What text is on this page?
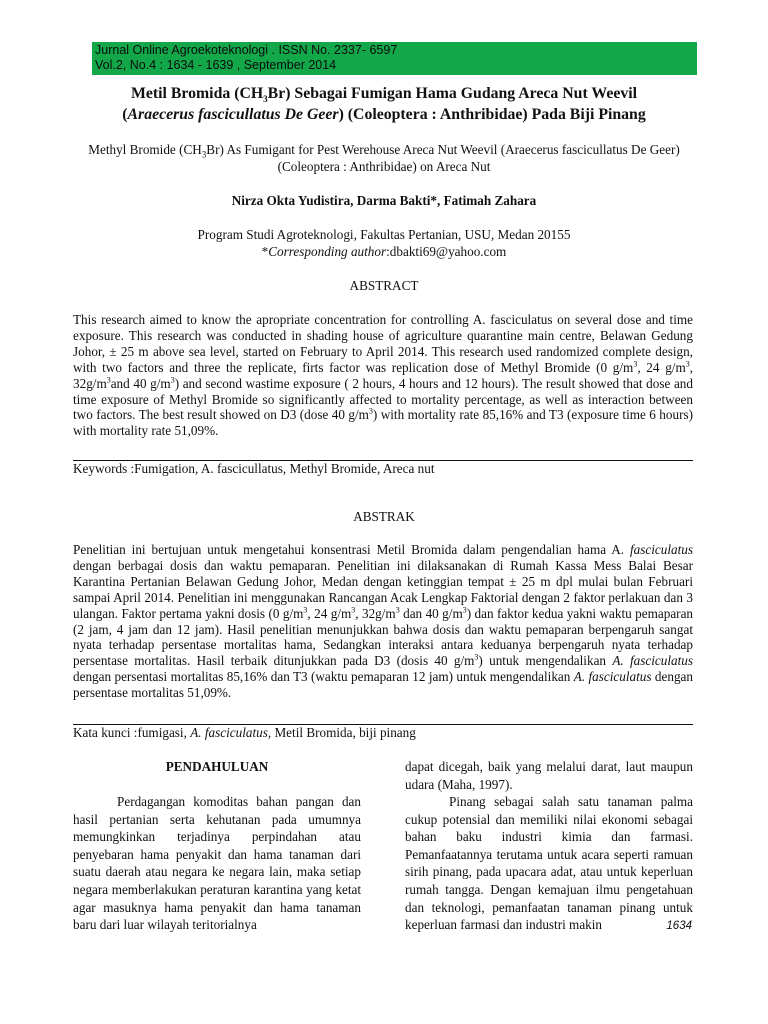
Jurnal Online Agroekoteknologi . ISSN No. 2337- 6597
Vol.2, No.4 : 1634 - 1639 , September 2014
Metil Bromida $(CH_3Br)$ Sebagai Fumigan Hama Gudang Areca Nut Weevil
(Araecerus fascicullatus De Geer) (Coleoptera : Anthribidae) Pada Biji Pinang
Methyl Bromide $(CH_3Br)$ As Fumigant for Pest Werehouse Areca Nut Weevil (Araecerus fascicullatus De Geer) (Coleoptera : Anthribidae) on Areca Nut
Nirza Okta Yudistira, Darma Bakti*, Fatimah Zahara
Program Studi Agroteknologi, Fakultas Pertanian, USU, Medan 20155
*Corresponding author:dbakti69@yahoo.com
ABSTRACT
This research aimed to know the apropriate concentration for controlling A. fasciculatus on several dose and time exposure. This research was conducted in shading house of agriculture quarantine main centre, Belawan Gedung Johor, ± 25 m above sea level, started on February to April 2014. This research used randomized complete design, with two factors and three the replicate, firts factor was replication dose of Methyl Bromide (0 $g/m^3$, 24 $g/m^3$, $32g/m^3and$ 40 $g/m^3$) and second wastime exposure ( 2 hours, 4 hours and 12 hours). The result showed that dose and time exposure of Methyl Bromide so significantly affected to mortality percentage, as well as interaction between two factors. The best result showed on D3 (dose 40 $g/m^3$) with mortality rate 85,16% and T3 (exposure time 6 hours) with mortality rate 51,09%.
Keywords :Fumigation, A. fascicullatus, Methyl Bromide, Areca nut
ABSTRAK
Penelitian ini bertujuan untuk mengetahui konsentrasi Metil Bromida dalam pengendalian hama A. fasciculatus dengan berbagai dosis dan waktu pemaparan. Penelitian ini dilaksanakan di Rumah Kassa Mess Balai Besar Karantina Pertanian Belawan Gedung Johor, Medan dengan ketinggian tempat ± 25 m dpl mulai bulan Februari sampai April 2014. Penelitian ini menggunakan Rancangan Acak Lengkap Faktorial dengan 2 faktor perlakuan dan 3 ulangan. Faktor pertama yakni dosis (0 $g/m^3$, 24 $g/m^3$, $32g/m^3$ dan 40 $g/m^3$) dan faktor kedua yakni waktu pemaparan (2 jam, 4 jam dan 12 jam). Hasil penelitian menunjukkan bahwa dosis dan waktu pemaparan berpengaruh sangat nyata terhadap persentase mortalitas hama, Sedangkan interaksi antara keduanya berpengaruh nyata terhadap persentase mortalitas. Hasil terbaik ditunjukkan pada D3 (dosis 40 $g/m^3$) untuk mengendalikan A. fasciculatus dengan persentasi mortalitas 85,16% dan T3 (waktu pemaparan 12 jam) untuk mengendalikan A. fasciculatus dengan persentase mortalitas 51,09%.
Kata kunci :fumigasi, A. fasciculatus, Metil Bromida, biji pinang
PENDAHULUAN
Perdagangan komoditas bahan pangan dan hasil pertanian serta kehutanan pada umumnya memungkinkan terjadinya perpindahan atau penyebaran hama penyakit dan hama tanaman dari suatu daerah atau negara ke negara lain, maka setiap negara memberlakukan peraturan karantina yang ketat agar masuknya hama penyakit dan hama tanaman baru dari luar wilayah teritorialnya
dapat dicegah, baik yang melalui darat, laut maupun udara (Maha, 1997).
Pinang sebagai salah satu tanaman palma cukup potensial dan memiliki nilai ekonomi sebagai bahan baku industri kimia dan farmasi. Pemanfaatannya terutama untuk acara seperti ramuan sirih pinang, pada upacara adat, atau untuk keperluan rumah tangga. Dengan kemajuan ilmu pengetahuan dan teknologi, pemanfaatan tanaman pinang untuk keperluan farmasi dan industri makin	1634
